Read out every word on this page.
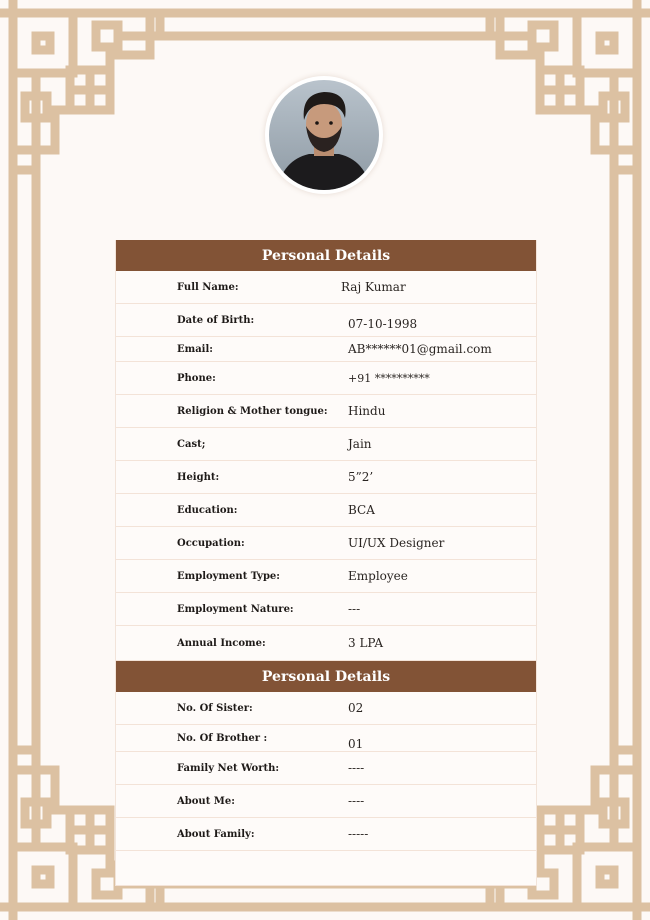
Personal Details
Full Name:	Raj Kumar
Date of Birth:	07-10-1998
Email:	AB******01@gmail.com
Phone:	+91 **********
Religion & Mother tongue: Hindu
Cast;	Jain
Height:	5”2’
Education:	BCA
Occupation:	UI/UX Designer
Employment Type:	Employee
Employment Nature:	---
Annual Income:	3 LPA
Personal Details
No. Of Sister:	02
No. Of Brother :	01
Family Net Worth:	----
About Me:	----
About Family:	-----
